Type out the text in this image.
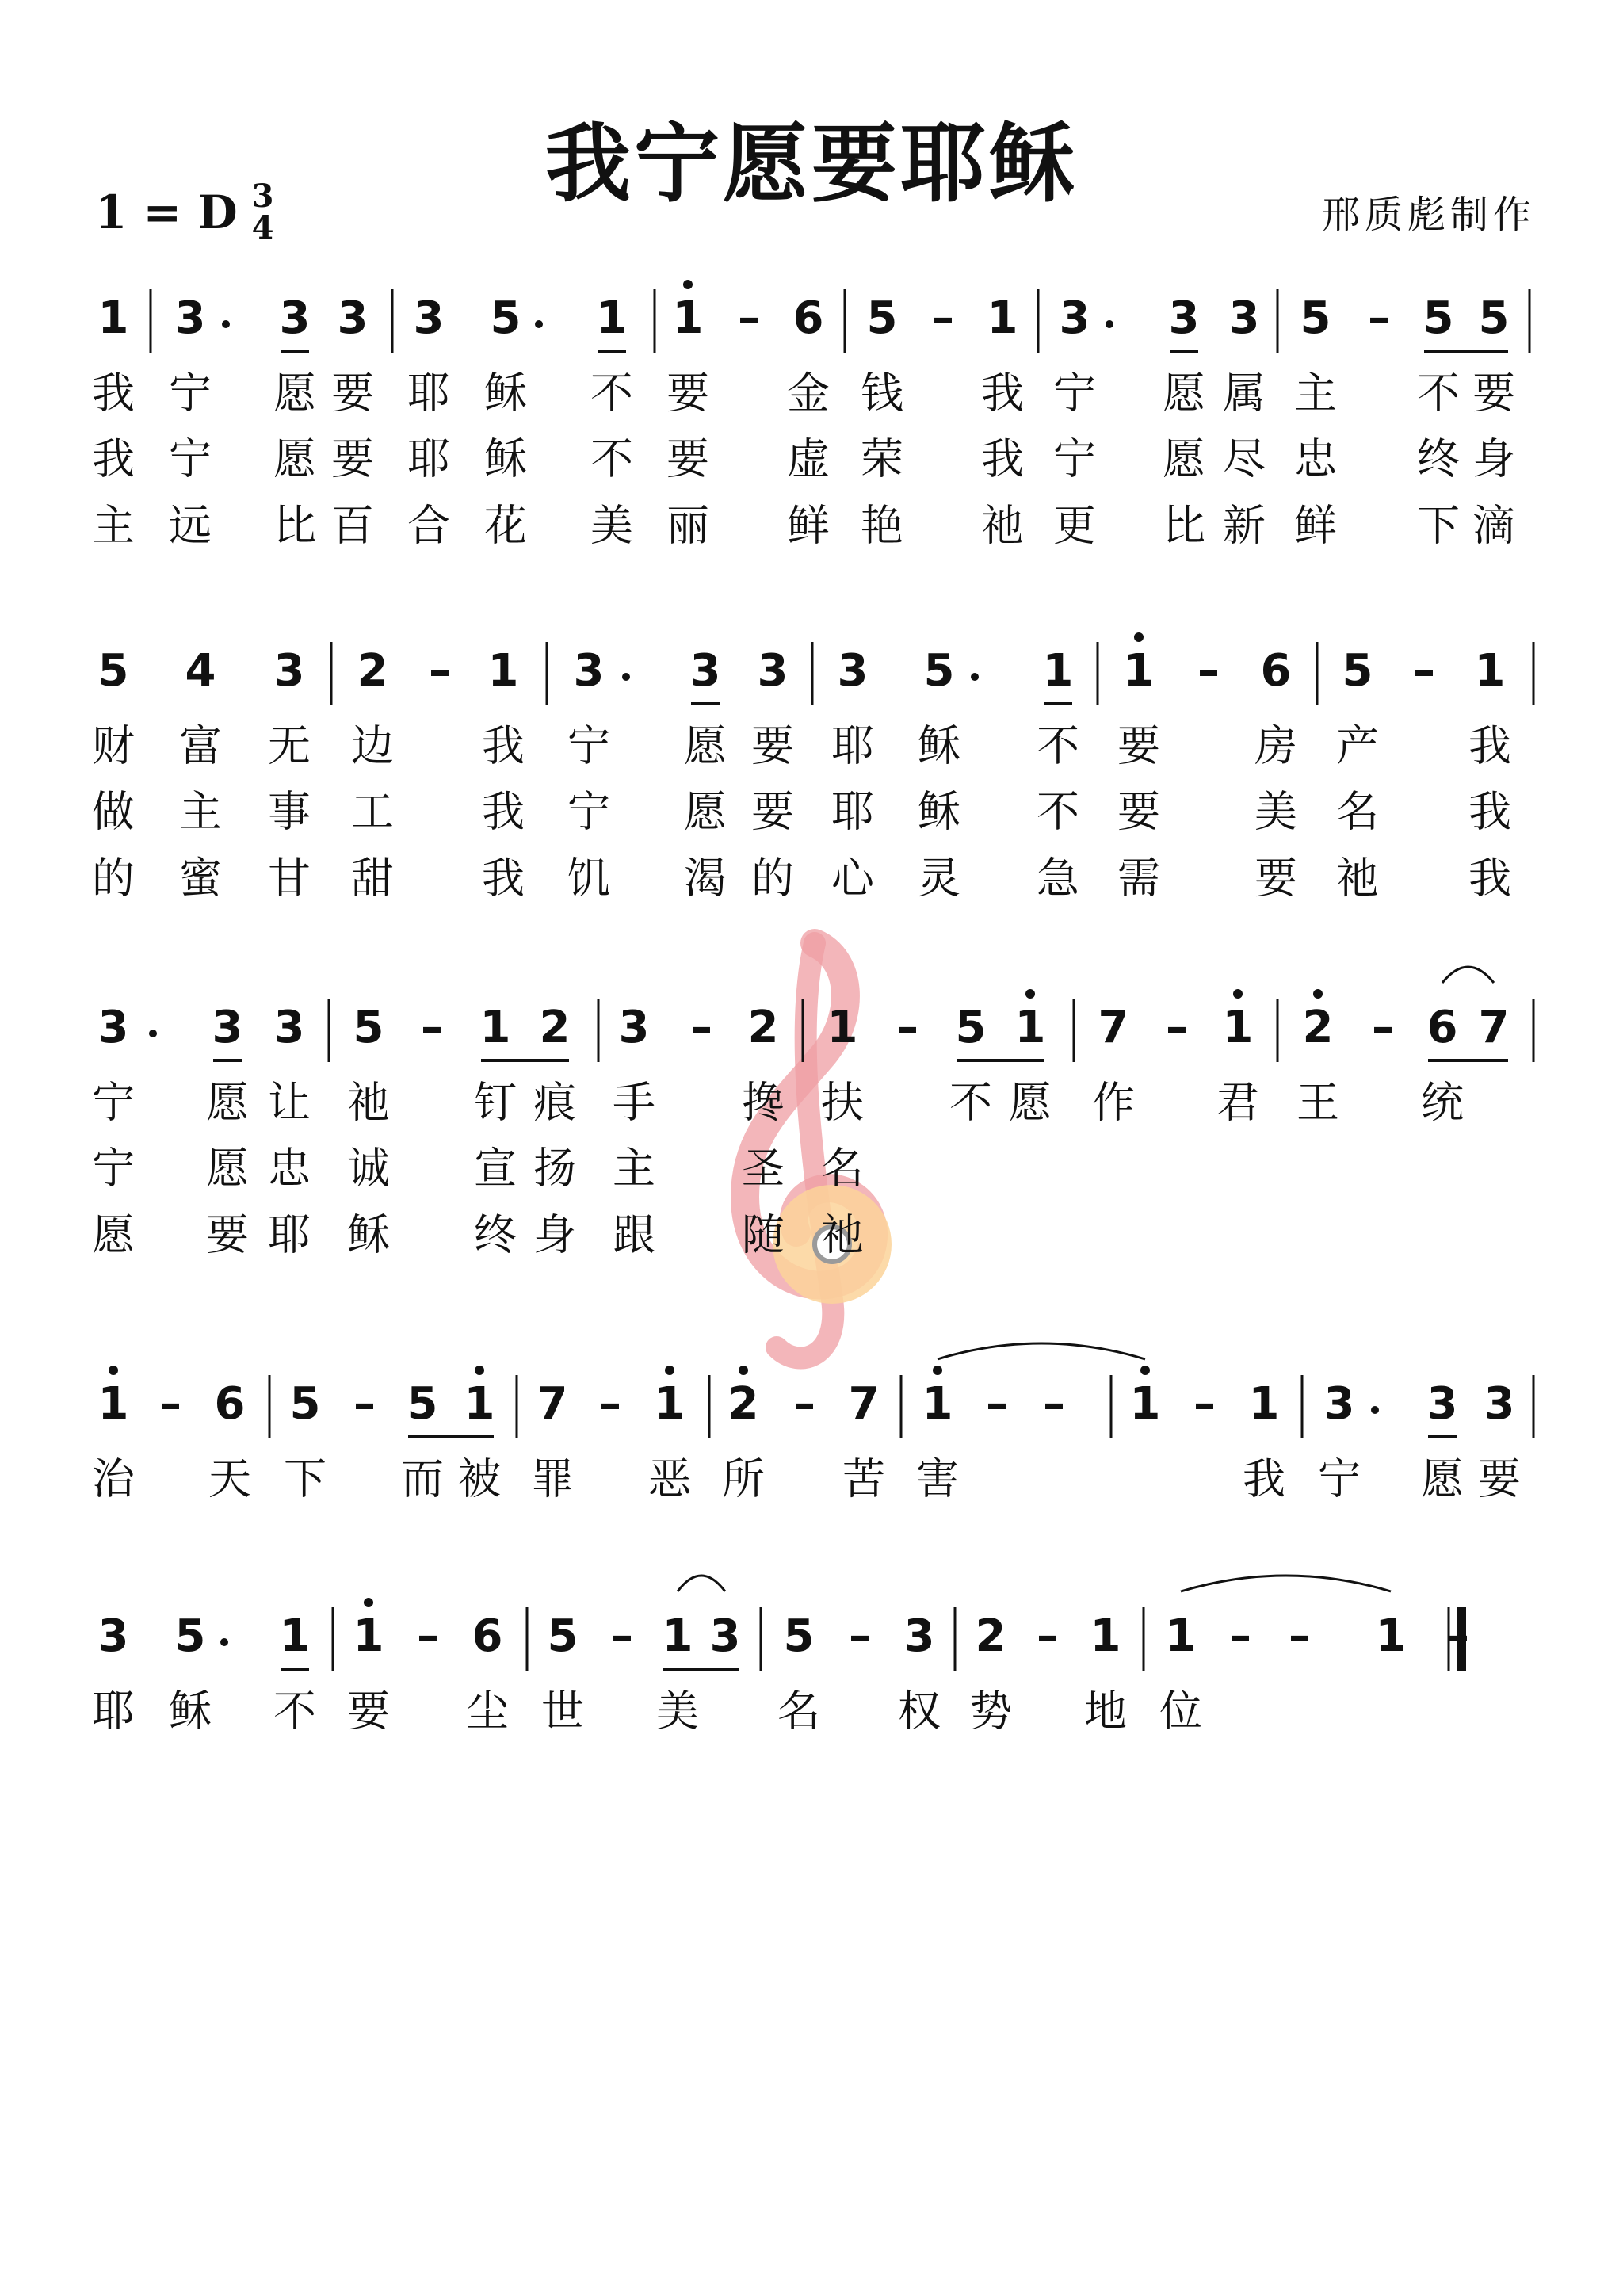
我宁愿要耶稣
1 = D 3
4	邢质彪制作
1 3 3 3 3 5 1 1 – 6 5 – 1 3 3 3 5 – 5 5
我 宁 愿 要 耶 稣 不 要 金 钱 我 宁 愿 属 主 不 要
我 宁 愿 要 耶 稣 不 要 虚 荣 我 宁 愿 尽 忠 终 身
主 远 比 百 合 花 美 丽 鲜 艳 祂 更 比 新 鲜 下 滴
5 4 3 2 – 1 3 3 3 3 5 1 1 – 6 5 – 1
财 富 无 边 我 宁 愿 要 耶 稣 不 要 房 产 我
做 主 事 工 我 宁 愿 要 耶 稣 不 要 美 名 我
的 蜜 甘 甜 我 饥 渴 的 心 灵 急 需 要 祂 我
3 3 3 5 – 1 2 3 – 2 1 – 5 1 7 – 1 2 – 6 7
宁 愿 让 祂 钉 痕 手 搀 扶 不 愿 作 君 王 统
宁 愿 忠 诚 宣 扬 主 圣 名
愿 要 耶 稣 终 身 跟 随 祂
1 – 6 5 – 5 1 7 – 1 2 – 7 1 – – 1 – 1 3 3 3
治 天 下 而 被 罪 恶 所 苦 害	我 宁 愿 要
3 5 1 1 – 6 5 – 1 3 5 – 3 2 – 1 1 – – 1 –
耶 稣 不 要 尘 世 美 名 权 势 地 位
